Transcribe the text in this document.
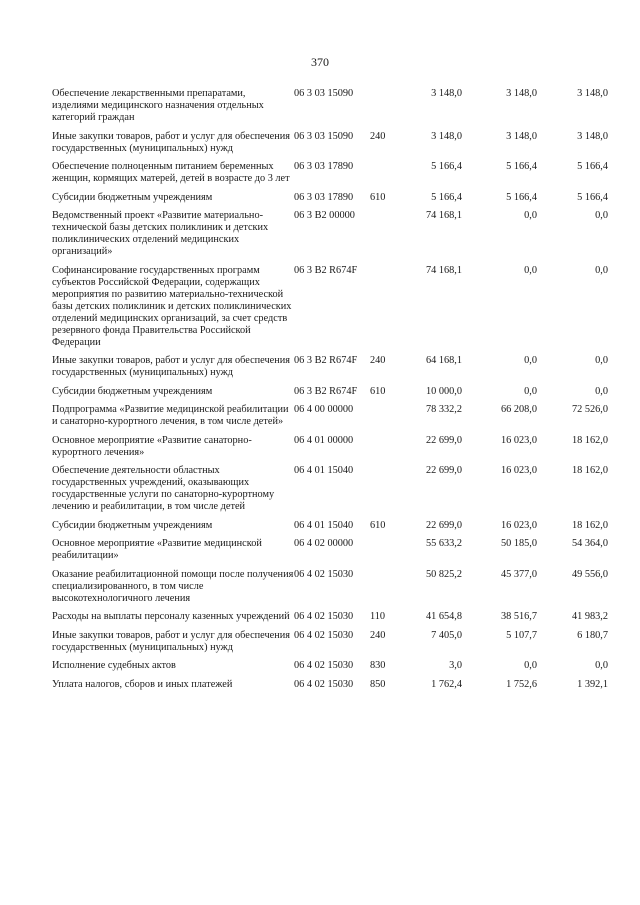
370
Обеспечение лекарственными препаратами, изделиями медицинского назначения отдельных категорий граждан	06 3 03 15090		3 148,0	3 148,0	3 148,0
Иные закупки товаров, работ и услуг для обеспечения государственных (муниципальных) нужд	06 3 03 15090	240	3 148,0	3 148,0	3 148,0
Обеспечение полноценным питанием беременных женщин, кормящих матерей, детей в возрасте до 3 лет	06 3 03 17890		5 166,4	5 166,4	5 166,4
Субсидии бюджетным учреждениям	06 3 03 17890	610	5 166,4	5 166,4	5 166,4
Ведомственный проект «Развитие материально-технической базы детских поликлиник и детских поликлинических отделений медицинских организаций»	06 3 B2 00000		74 168,1	0,0	0,0
Софинансирование государственных программ субъектов Российской Федерации, содержащих мероприятия по развитию материально-технической базы детских поликлиник и детских поликлинических отделений медицинских организаций, за счет средств резервного фонда Правительства Российской Федерации	06 3 B2 R674F		74 168,1	0,0	0,0
Иные закупки товаров, работ и услуг для обеспечения государственных (муниципальных) нужд	06 3 B2 R674F	240	64 168,1	0,0	0,0
Субсидии бюджетным учреждениям	06 3 B2 R674F	610	10 000,0	0,0	0,0
Подпрограмма «Развитие медицинской реабилитации и санаторно-курортного лечения, в том числе детей»	06 4 00 00000		78 332,2	66 208,0	72 526,0
Основное мероприятие «Развитие санаторно-курортного лечения»	06 4 01 00000		22 699,0	16 023,0	18 162,0
Обеспечение деятельности областных государственных учреждений, оказывающих государственные услуги по санаторно-курортному лечению и реабилитации, в том числе детей	06 4 01 15040		22 699,0	16 023,0	18 162,0
Субсидии бюджетным учреждениям	06 4 01 15040	610	22 699,0	16 023,0	18 162,0
Основное мероприятие «Развитие медицинской реабилитации»	06 4 02 00000		55 633,2	50 185,0	54 364,0
Оказание реабилитационной помощи после получения специализированного, в том числе высокотехнологичного лечения	06 4 02 15030		50 825,2	45 377,0	49 556,0
Расходы на выплаты персоналу казенных учреждений	06 4 02 15030	110	41 654,8	38 516,7	41 983,2
Иные закупки товаров, работ и услуг для обеспечения государственных (муниципальных) нужд	06 4 02 15030	240	7 405,0	5 107,7	6 180,7
Исполнение судебных актов	06 4 02 15030	830	3,0	0,0	0,0
Уплата налогов, сборов и иных платежей	06 4 02 15030	850	1 762,4	1 752,6	1 392,1
